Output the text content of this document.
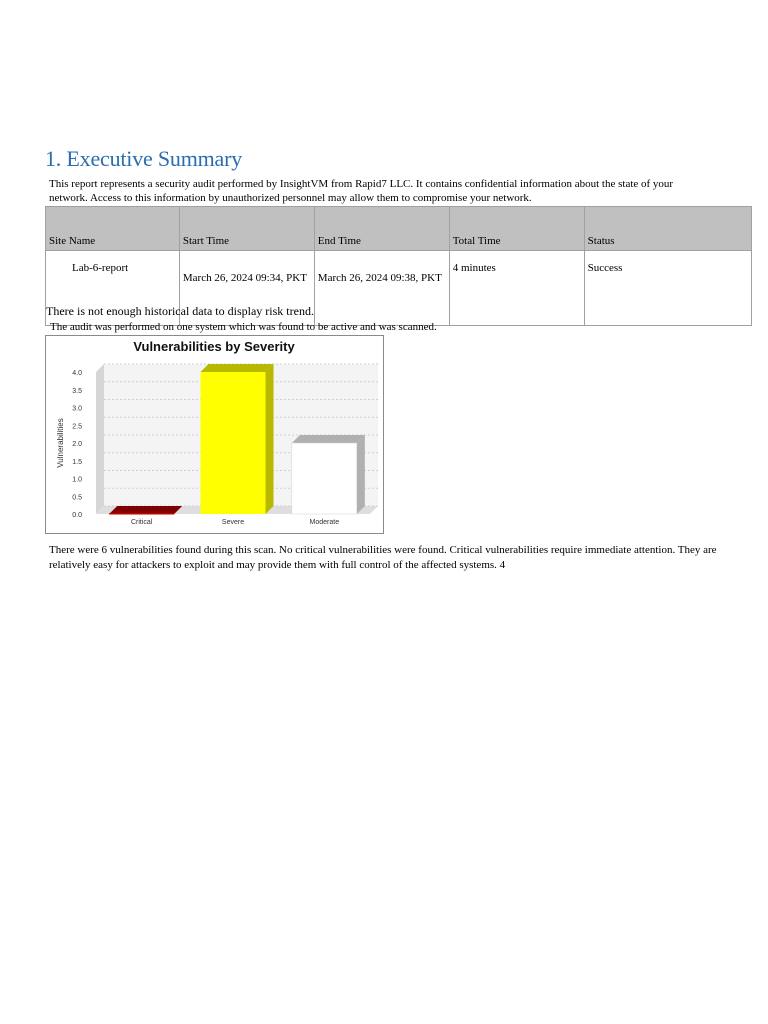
1. Executive Summary

This report represents a security audit performed by InsightVM from Rapid7 LLC. It contains confidential information about the state of your network. Access to this information by unauthorized personnel may allow them to compromise your network.

Site Name	Start Time	End Time	Total Time	Status
Lab-6-report	March 26, 2024 09:34, PKT	March 26, 2024 09:38, PKT	4 minutes	Success

There is not enough historical data to display risk trend.

The audit was performed on one system which was found to be active and was scanned.

Vulnerabilities by Severity
0.0
0.5
1.0
1.5
2.0
2.5
3.0
3.5
4.0
Vulnerabilities
Critical	Severe	Moderate

There were 6 vulnerabilities found during this scan. No critical vulnerabilities were found. Critical vulnerabilities require immediate attention. They are relatively easy for attackers to exploit and may provide them with full control of the affected systems. 4
